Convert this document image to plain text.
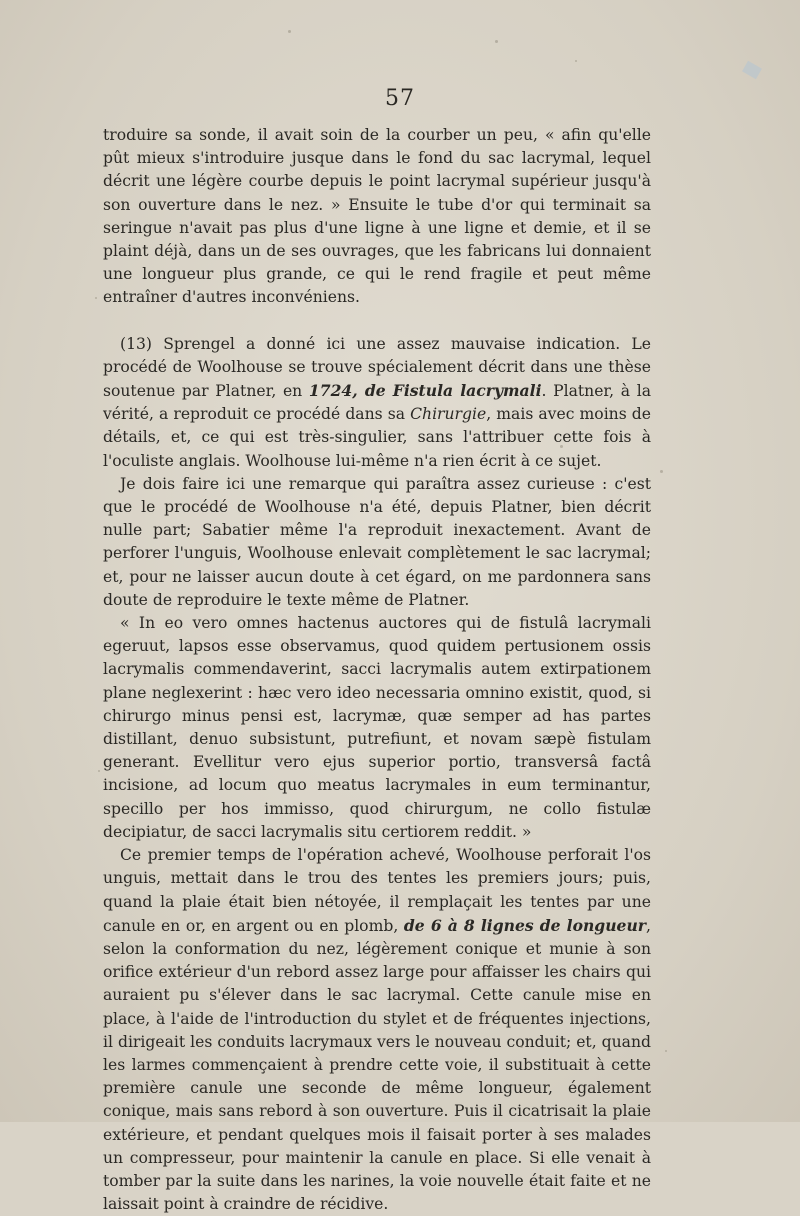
57

troduire sa sonde, il avait soin de la courber un peu, « afin qu'elle pût mieux s'introduire jusque dans le fond du sac lacrymal, lequel décrit une légère courbe depuis le point lacrymal supérieur jusqu'à son ouverture dans le nez. » Ensuite le tube d'or qui terminait sa seringue n'avait pas plus d'une ligne à une ligne et demie, et il se plaint déjà, dans un de ses ouvrages, que les fabricans lui donnaient une longueur plus grande, ce qui le rend fragile et peut même entraîner d'autres inconvéniens.

(13) Sprengel a donné ici une assez mauvaise indication. Le procédé de Woolhouse se trouve spécialement décrit dans une thèse soutenue par Platner, en 1724, de Fistula lacrymali. Platner, à la vérité, a reproduit ce procédé dans sa Chirurgie, mais avec moins de détails, et, ce qui est très-singulier, sans l'attribuer cette fois à l'oculiste anglais. Woolhouse lui-même n'a rien écrit à ce sujet.

Je dois faire ici une remarque qui paraîtra assez curieuse : c'est que le procédé de Woolhouse n'a été, depuis Platner, bien décrit nulle part; Sabatier même l'a reproduit inexactement. Avant de perforer l'unguis, Woolhouse enlevait complètement le sac lacrymal; et, pour ne laisser aucun doute à cet égard, on me pardonnera sans doute de reproduire le texte même de Platner.

« In eo vero omnes hactenus auctores qui de fistulâ lacrymali egeruut, lapsos esse observamus, quod quidem pertusionem ossis lacrymalis commendaverint, sacci lacrymalis autem extirpationem plane neglexerint : hæc vero ideo necessaria omnino existit, quod, si chirurgo minus pensi est, lacrymæ, quæ semper ad has partes distillant, denuo subsistunt, putrefiunt, et novam sæpè fistulam generant. Evellitur vero ejus superior portio, transversâ factâ incisione, ad locum quo meatus lacrymales in eum terminantur, specillo per hos immisso, quod chirurgum, ne collo fistulæ decipiatur, de sacci lacrymalis situ certiorem reddit. »

Ce premier temps de l'opération achevé, Woolhouse perforait l'os unguis, mettait dans le trou des tentes les premiers jours; puis, quand la plaie était bien nétoyée, il remplaçait les tentes par une canule en or, en argent ou en plomb, de 6 à 8 lignes de longueur, selon la conformation du nez, légèrement conique et munie à son orifice extérieur d'un rebord assez large pour affaisser les chairs qui auraient pu s'élever dans le sac lacrymal. Cette canule mise en place, à l'aide de l'introduction du stylet et de fréquentes injections, il dirigeait les conduits lacrymaux vers le nouveau conduit; et, quand les larmes commençaient à prendre cette voie, il substituait à cette première canule une seconde de même longueur, également conique, mais sans rebord à son ouverture. Puis il cicatrisait la plaie extérieure, et pendant quelques mois il faisait porter à ses malades un compresseur, pour maintenir la canule en place. Si elle venait à tomber par la suite dans les narines, la voie nouvelle était faite et ne laissait point à craindre de récidive.
